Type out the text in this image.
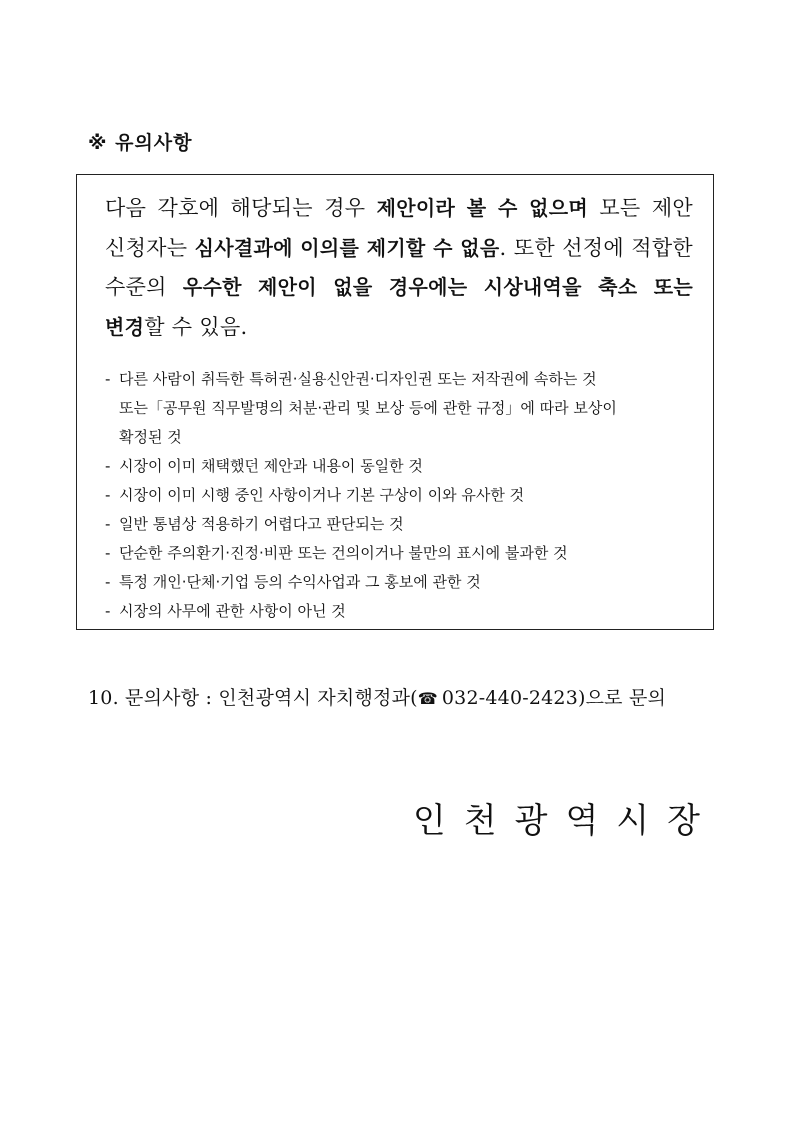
※ 유의사항
다음 각호에 해당되는 경우 제안이라 볼 수 없으며 모든 제안
신청자는 심사결과에 이의를 제기할 수 없음. 또한 선정에 적합한
수준의 우수한 제안이 없을 경우에는 시상내역을 축소 또는
변경할 수 있음.
- 다른 사람이 취득한 특허권·실용신안권·디자인권 또는 저작권에 속하는 것
또는「공무원 직무발명의 처분·관리 및 보상 등에 관한 규정」에 따라 보상이
확정된 것
- 시장이 이미 채택했던 제안과 내용이 동일한 것
- 시장이 이미 시행 중인 사항이거나 기본 구상이 이와 유사한 것
- 일반 통념상 적용하기 어렵다고 판단되는 것
- 단순한 주의환기·진정·비판 또는 건의이거나 불만의 표시에 불과한 것
- 특정 개인·단체·기업 등의 수익사업과 그 홍보에 관한 것
- 시장의 사무에 관한 사항이 아닌 것
10. 문의사항 : 인천광역시 자치행정과(☎ 032-440-2423)으로 문의
인천광역시장
